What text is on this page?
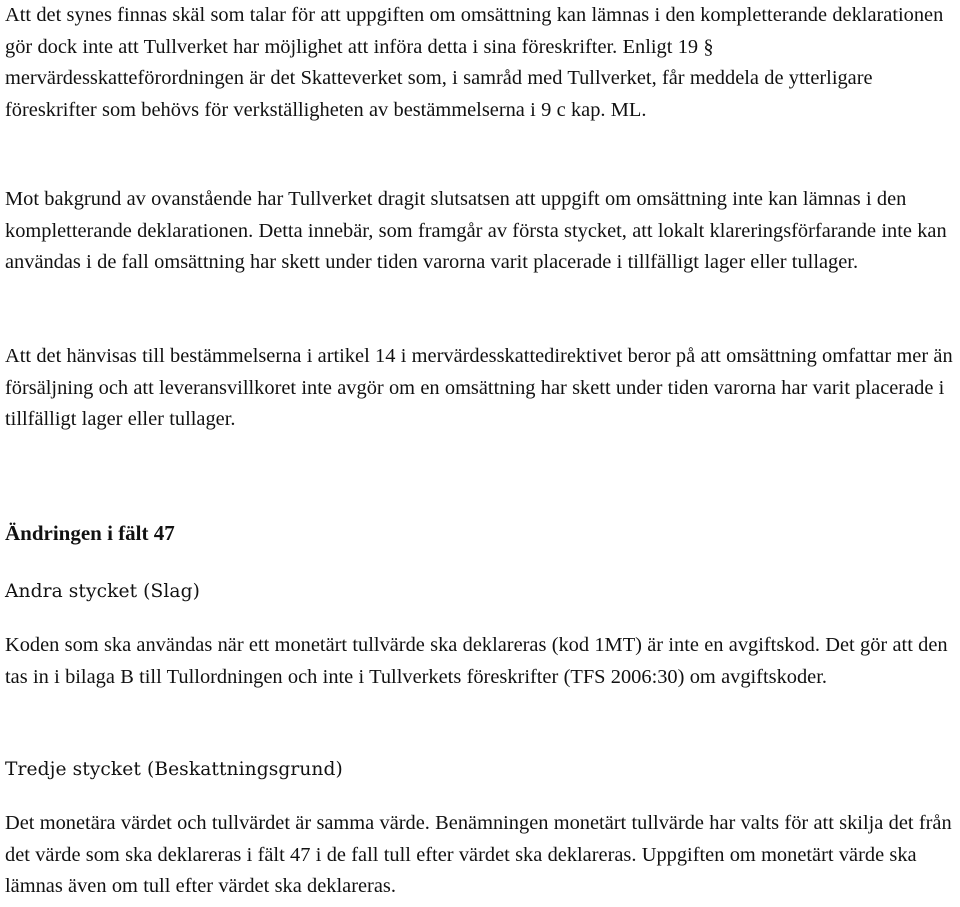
Att det synes finnas skäl som talar för att uppgiften om omsättning kan lämnas i den kompletterande deklarationen gör dock inte att Tullverket har möjlighet att införa detta i sina föreskrifter. Enligt 19 § mervärdesskatteförordningen är det Skatteverket som, i samråd med Tullverket, får meddela de ytterligare föreskrifter som behövs för verkställigheten av bestämmelserna i 9 c kap. ML.

Mot bakgrund av ovanstående har Tullverket dragit slutsatsen att uppgift om omsättning inte kan lämnas i den kompletterande deklarationen. Detta innebär, som framgår av första stycket, att lokalt klareringsförfarande inte kan användas i de fall omsättning har skett under tiden varorna varit placerade i tillfälligt lager eller tullager.

Att det hänvisas till bestämmelserna i artikel 14 i mervärdesskattedirektivet beror på att omsättning omfattar mer än försäljning och att leveransvillkoret inte avgör om en omsättning har skett under tiden varorna har varit placerade i tillfälligt lager eller tullager.

Ändringen i fält 47

Andra stycket (Slag)

Koden som ska användas när ett monetärt tullvärde ska deklareras (kod 1MT) är inte en avgiftskod. Det gör att den tas in i bilaga B till Tullordningen och inte i Tullverkets föreskrifter (TFS 2006:30) om avgiftskoder.

Tredje stycket (Beskattningsgrund)

Det monetära värdet och tullvärdet är samma värde. Benämningen monetärt tullvärde har valts för att skilja det från det värde som ska deklareras i fält 47 i de fall tull efter värdet ska deklareras. Uppgiften om monetärt värde ska lämnas även om tull efter värdet ska deklareras.
